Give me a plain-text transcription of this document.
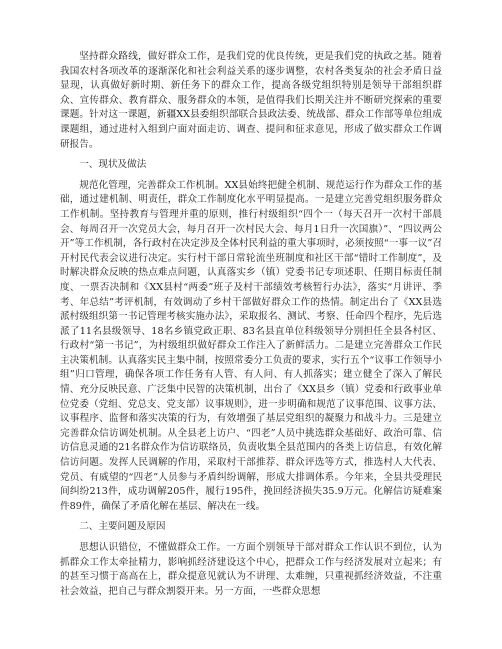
坚持群众路线，做好群众工作，是我们党的优良传统，更是我们党的执政之基。随着我国农村各项改革的逐渐深化和社会利益关系的逐步调整，农村各类复杂的社会矛盾日益显现，认真做好新时期、新任务下的群众工作，提高各级党组织特别是领导干部组织群众、宣传群众、教育群众、服务群众的本领，是值得我们长期关注并不断研究探索的重要课题。针对这一课题，新疆XX县委组织部联合县政法委、统战部、群众工作部等单位组成课题组，通过进村入组到户面对面走访、调查、提问和征求意见，形成了做实群众工作调研报告。

一、现状及做法

规范化管理，完善群众工作机制。XX县始终把健全机制、规范运行作为群众工作的基础，通过建机制、明责任，群众工作制度化水平明显提高。一是建立完善党组织服务群众工作机制。坚持教育与管理并重的原则，推行村级组织“四个一（每天召开一次村干部晨会、每周召开一次党员大会，每月召开一次村民大会、每月1日升一次国旗）”、“四议两公开”等工作机制，各行政村在决定涉及全体村民利益的重大事项时，必须按照“一事一议”召开村民代表会议进行决定。实行村干部日常轮流坐班制度和社区干部“错时工作制度”，及时解决群众反映的热点难点问题，认真落实乡（镇）党委书记专项述职、任期目标责任制度、一票否决制和《XX县村“两委”班子及村干部绩效考核暂行办法》，落实“月讲评、季考、年总结”考评机制，有效调动了乡村干部做好群众工作的热情。制定出台了《XX县选派村级组织第一书记管理考核实施办法》，采取报名、测试、考察、任命四个程序，先后选派了11名县级领导、18名乡镇党政正职、83名县直单位科级领导分别担任全县各村区、行政村“第一书记”，为村级组织做好群众工作注入了新鲜活力。二是建立完善群众工作民主决策机制。认真落实民主集中制，按照常委分工负责的要求，实行五个“议事工作领导小组”归口管理，确保各项工作任务有人管、有人问、有人抓落实；建立健全了深入了解民情、充分反映民意、广泛集中民智的决策机制，出台了《XX县乡（镇）党委和行政事业单位党委（党组、党总支、党支部）议事规则》，进一步明确和规范了议事范围、议事方法、议事程序、监督和落实决策的行为，有效增强了基层党组织的凝聚力和战斗力。三是建立完善群众信访调处机制。从全县老上访户、“四老”人员中挑选群众基础好、政治可靠、信访信息灵通的21名群众作为信访联络员，负责收集全县范围内的各类上访信息，有效化解信访问题。发挥人民调解的作用，采取村干部推荐、群众评选等方式，推选村人大代表、党员、有威望的“四老”人员参与矛盾纠纷调解，形成大排调体系。今年来，全县共受理民间纠纷213件，成功调解205件，履行195件，挽回经济损失35.9万元。化解信访疑难案件89件，确保了矛盾化解在基层、解决在一线。

二、主要问题及原因

思想认识错位，不懂做群众工作。一方面个别领导干部对群众工作认识不到位，认为抓群众工作太牵扯精力，影响抓经济建设这个中心，把群众工作与经济发展对立起来；有的甚至习惯于高高在上，群众提意见就认为不讲理、太难缠，只重视抓经济效益，不注重社会效益，把自己与群众割裂开来。另一方面，一些群众思想
